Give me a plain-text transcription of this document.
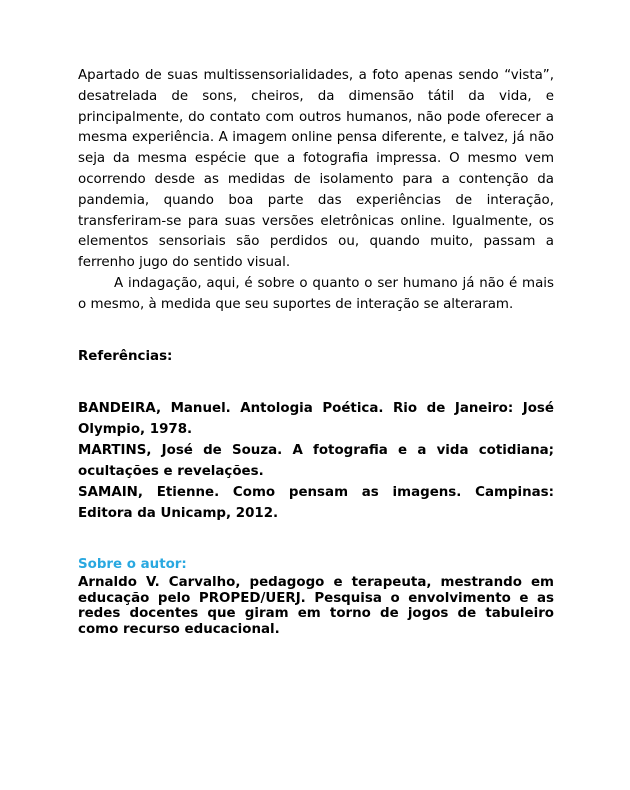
Apartado de suas multissensorialidades, a foto apenas sendo “vista”, desatrelada de sons, cheiros, da dimensão tátil da vida, e principalmente, do contato com outros humanos, não pode oferecer a mesma experiência. A imagem online pensa diferente, e talvez, já não seja da mesma espécie que a fotografia impressa. O mesmo vem ocorrendo desde as medidas de isolamento para a contenção da pandemia, quando boa parte das experiências de interação, transferiram-se para suas versões eletrônicas online. Igualmente, os elementos sensoriais são perdidos ou, quando muito, passam a ferrenho jugo do sentido visual.

A indagação, aqui, é sobre o quanto o ser humano já não é mais o mesmo, à medida que seu suportes de interação se alteraram.

Referências:

BANDEIRA, Manuel. Antologia Poética. Rio de Janeiro: José Olympio, 1978.

MARTINS, José de Souza. A fotografia e a vida cotidiana; ocultações e revelações.

SAMAIN, Etienne. Como pensam as imagens. Campinas: Editora da Unicamp, 2012.

Sobre o autor:

Arnaldo V. Carvalho, pedagogo e terapeuta, mestrando em educação pelo PROPED/UERJ. Pesquisa o envolvimento e as redes docentes que giram em torno de jogos de tabuleiro como recurso educacional.
